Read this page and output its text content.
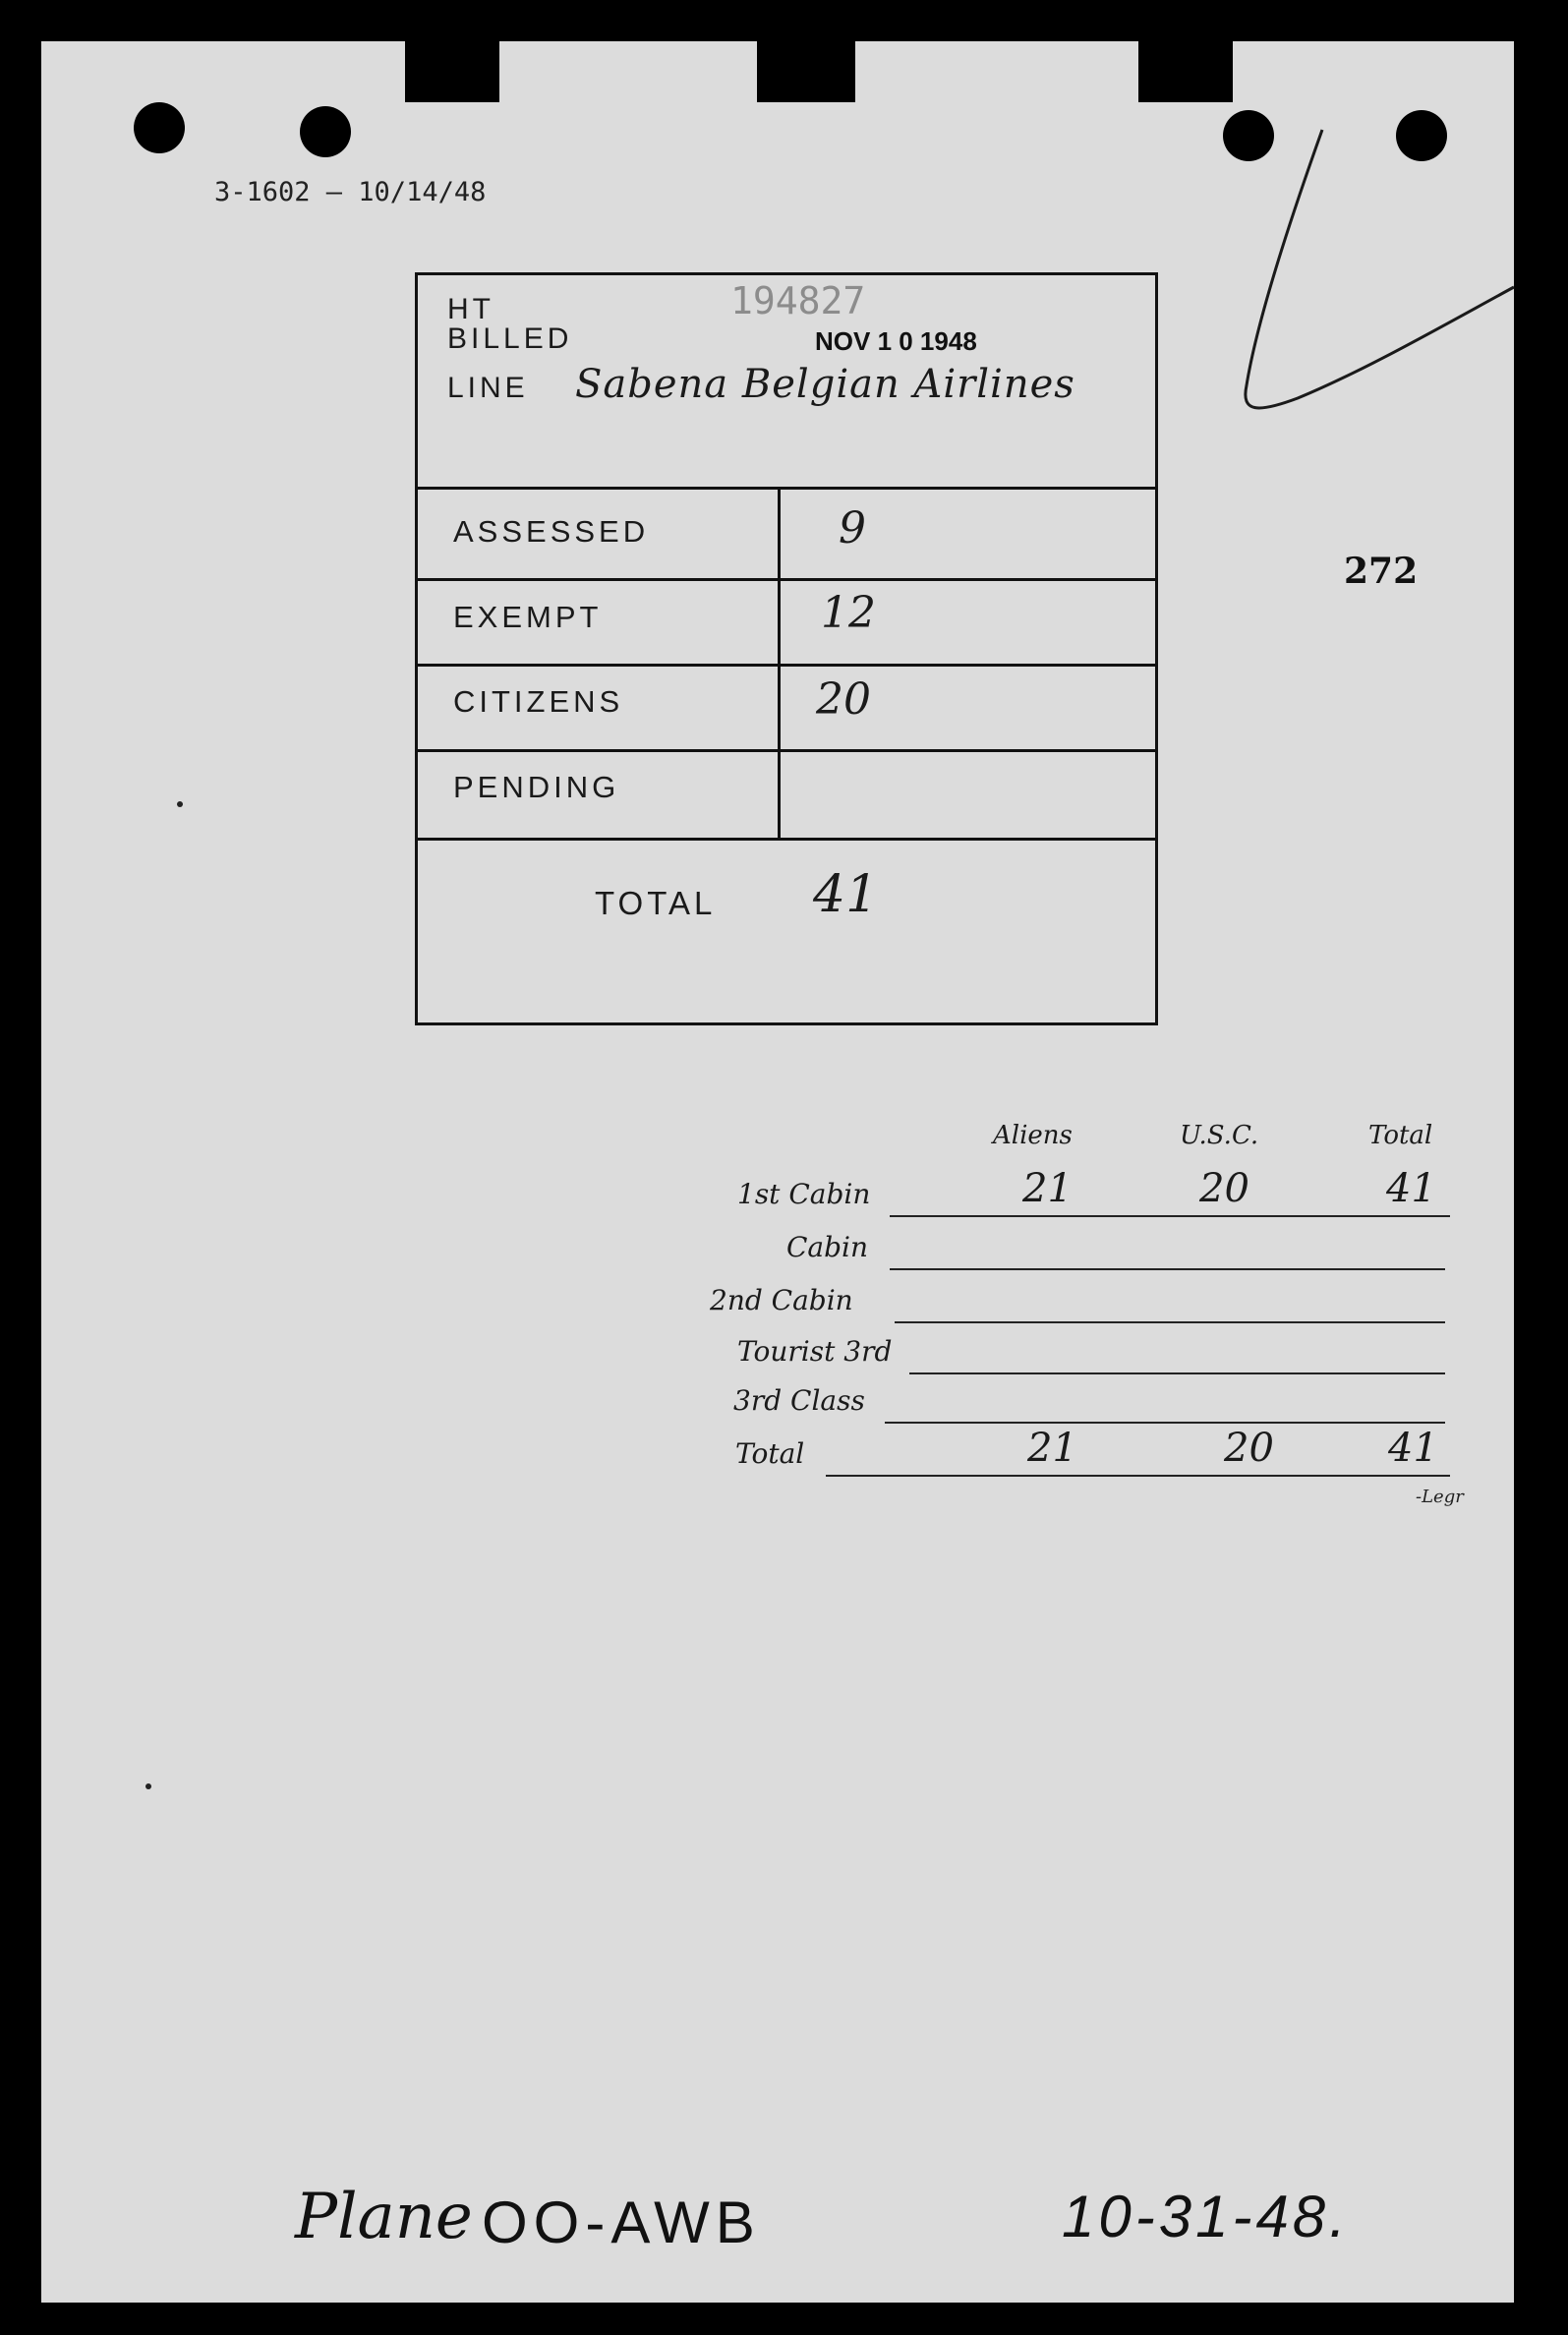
3-1602 — 10/14/48
272
194827
HT
BILLED	NOV 1 0 1948
LINE Sabena Belgian Airlines
ASSESSED	9
EXEMPT	12
CITIZENS	20
PENDING
TOTAL 41
Aliens	U.S.C.	Total
1st Cabin	21	20	41
Cabin
2nd Cabin
Tourist 3rd
3rd Class
Total	21	20	41
-Legr
Plane OO-AWB	10-31-48.
